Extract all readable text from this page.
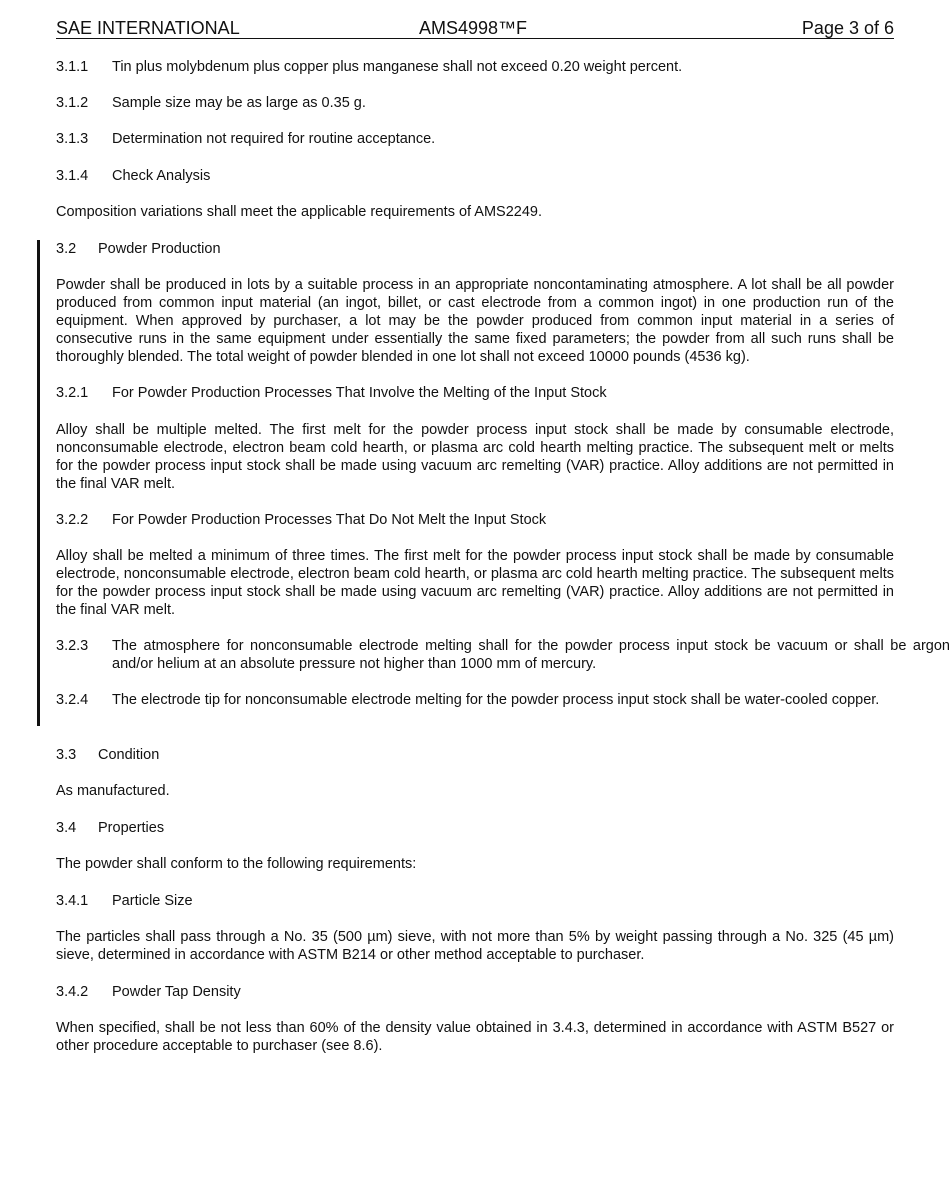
SAE INTERNATIONAL	AMS4998™F	Page 3 of 6
3.1.1 Tin plus molybdenum plus copper plus manganese shall not exceed 0.20 weight percent.
3.1.2 Sample size may be as large as 0.35 g.
3.1.3 Determination not required for routine acceptance.
3.1.4 Check Analysis
Composition variations shall meet the applicable requirements of AMS2249.
3.2 Powder Production
Powder shall be produced in lots by a suitable process in an appropriate noncontaminating atmosphere. A lot shall be all powder produced from common input material (an ingot, billet, or cast electrode from a common ingot) in one production run of the equipment. When approved by purchaser, a lot may be the powder produced from common input material in a series of consecutive runs in the same equipment under essentially the same fixed parameters; the powder from all such runs shall be thoroughly blended. The total weight of powder blended in one lot shall not exceed 10000 pounds (4536 kg).
3.2.1 For Powder Production Processes That Involve the Melting of the Input Stock
Alloy shall be multiple melted. The first melt for the powder process input stock shall be made by consumable electrode, nonconsumable electrode, electron beam cold hearth, or plasma arc cold hearth melting practice. The subsequent melt or melts for the powder process input stock shall be made using vacuum arc remelting (VAR) practice. Alloy additions are not permitted in the final VAR melt.
3.2.2 For Powder Production Processes That Do Not Melt the Input Stock
Alloy shall be melted a minimum of three times. The first melt for the powder process input stock shall be made by consumable electrode, nonconsumable electrode, electron beam cold hearth, or plasma arc cold hearth melting practice. The subsequent melts for the powder process input stock shall be made using vacuum arc remelting (VAR) practice. Alloy additions are not permitted in the final VAR melt.
3.2.3 The atmosphere for nonconsumable electrode melting shall for the powder process input stock be vacuum or shall be argon and/or helium at an absolute pressure not higher than 1000 mm of mercury.
3.2.4 The electrode tip for nonconsumable electrode melting for the powder process input stock shall be water-cooled copper.
3.3 Condition
As manufactured.
3.4 Properties
The powder shall conform to the following requirements:
3.4.1 Particle Size
The particles shall pass through a No. 35 (500 µm) sieve, with not more than 5% by weight passing through a No. 325 (45 µm) sieve, determined in accordance with ASTM B214 or other method acceptable to purchaser.
3.4.2 Powder Tap Density
When specified, shall be not less than 60% of the density value obtained in 3.4.3, determined in accordance with ASTM B527 or other procedure acceptable to purchaser (see 8.6).
